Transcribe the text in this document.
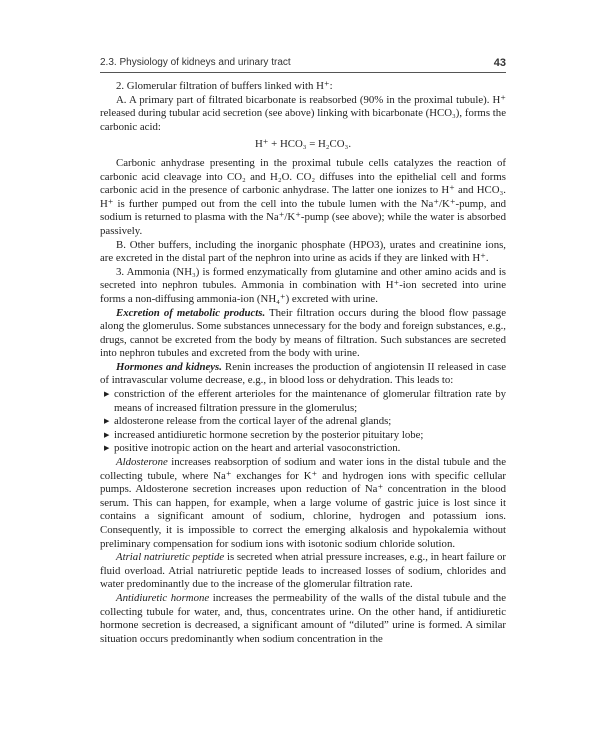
2.3. Physiology of kidneys and urinary tract	43

2. Glomerular filtration of buffers linked with H⁺:

A. A primary part of filtrated bicarbonate is reabsorbed (90% in the proximal tubule). H⁺ released during tubular acid secretion (see above) linking with bicarbonate (HCO₃), forms the carbonic acid:

H⁺ + HCO₃ = H₂CO₃.

Carbonic anhydrase presenting in the proximal tubule cells catalyzes the reaction of carbonic acid cleavage into CO₂ and H₂O. CO₂ diffuses into the epithelial cell and forms carbonic acid in the presence of carbonic anhydrase. The latter one ionizes to H⁺ and HCO₃. H⁺ is further pumped out from the cell into the tubule lumen with the Na⁺/K⁺-pump, and sodium is returned to plasma with the Na⁺/K⁺-pump (see above); while the water is absorbed passively.

B. Other buffers, including the inorganic phosphate (HPO3), urates and creatinine ions, are excreted in the distal part of the nephron into urine as acids if they are linked with H⁺.

3. Ammonia (NH₃) is formed enzymatically from glutamine and other amino acids and is secreted into nephron tubules. Ammonia in combination with H⁺-ion secreted into urine forms a non-diffusing ammonia-ion (NH₄⁺) excreted with urine.

Excretion of metabolic products. Their filtration occurs during the blood flow passage along the glomerulus. Some substances unnecessary for the body and foreign substances, e.g., drugs, cannot be excreted from the body by means of filtration. Such substances are secreted into nephron tubules and excreted from the body with urine.

Hormones and kidneys. Renin increases the production of angiotensin II released in case of intravascular volume decrease, e.g., in blood loss or dehydration. This leads to:

▶ constriction of the efferent arterioles for the maintenance of glomerular filtration rate by means of increased filtration pressure in the glomerulus;
▶ aldosterone release from the cortical layer of the adrenal glands;
▶ increased antidiuretic hormone secretion by the posterior pituitary lobe;
▶ positive inotropic action on the heart and arterial vasoconstriction.

Aldosterone increases reabsorption of sodium and water ions in the distal tubule and the collecting tubule, where Na⁺ exchanges for K⁺ and hydrogen ions with specific cellular pumps. Aldosterone secretion increases upon reduction of Na⁺ concentration in the blood serum. This can happen, for example, when a large volume of gastric juice is lost since it contains a significant amount of sodium, chlorine, hydrogen and potassium ions. Consequently, it is impossible to correct the emerging alkalosis and hypokalemia without preliminary compensation for sodium ions with isotonic sodium chloride solution.

Atrial natriuretic peptide is secreted when atrial pressure increases, e.g., in heart failure or fluid overload. Atrial natriuretic peptide leads to increased losses of sodium, chlorides and water predominantly due to the increase of the glomerular filtration rate.

Antidiuretic hormone increases the permeability of the walls of the distal tubule and the collecting tubule for water, and, thus, concentrates urine. On the other hand, if antidiuretic hormone secretion is decreased, a significant amount of “diluted” urine is formed. A similar situation occurs predominantly when sodium concentration in the
